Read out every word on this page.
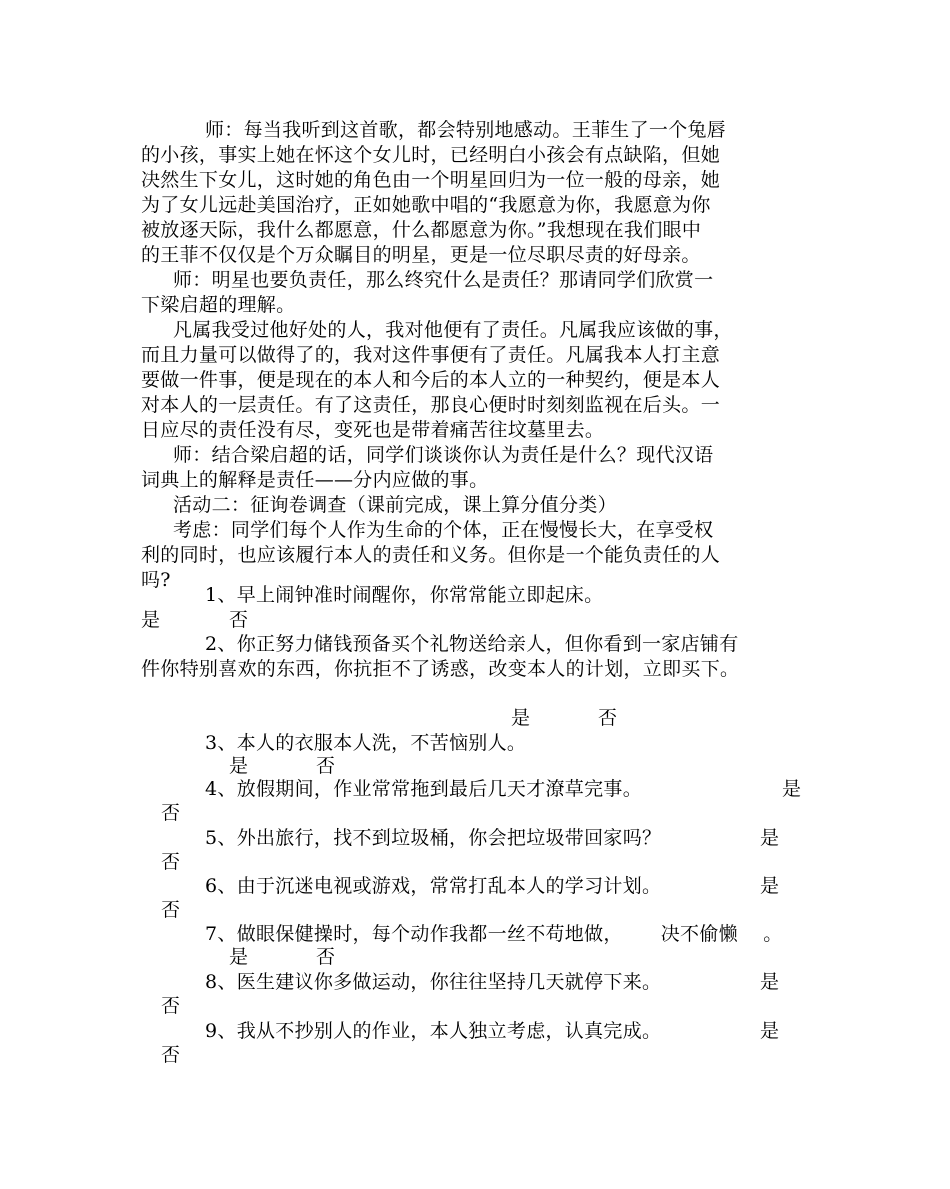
师：每当我听到这首歌，都会特别地感动。王菲生了一个兔唇
的小孩，事实上她在怀这个女儿时，已经明白小孩会有点缺陷，但她
决然生下女儿，这时她的角色由一个明星回归为一位一般的母亲，她
为了女儿远赴美国治疗，正如她歌中唱的“我愿意为你，我愿意为你
被放逐天际，我什么都愿意，什么都愿意为你。”我想现在我们眼中
的王菲不仅仅是个万众瞩目的明星，更是一位尽职尽责的好母亲。
师：明星也要负责任，那么终究什么是责任？那请同学们欣赏一
下梁启超的理解。
凡属我受过他好处的人，我对他便有了责任。凡属我应该做的事，
而且力量可以做得了的，我对这件事便有了责任。凡属我本人打主意
要做一件事，便是现在的本人和今后的本人立的一种契约，便是本人
对本人的一层责任。有了这责任，那良心便时时刻刻监视在后头。一
日应尽的责任没有尽，变死也是带着痛苦往坟墓里去。
师：结合梁启超的话，同学们谈谈你认为责任是什么？现代汉语
词典上的解释是责任——分内应做的事。
活动二：征询卷调查（课前完成，课上算分值分类）
考虑：同学们每个人作为生命的个体，正在慢慢长大，在享受权
利的同时，也应该履行本人的责任和义务。但你是一个能负责任的人
吗?
1、早上闹钟准时闹醒你，你常常能立即起床。
是	否
2、你正努力储钱预备买个礼物送给亲人，但你看到一家店铺有
件你特别喜欢的东西，你抗拒不了诱惑，改变本人的计划，立即买下。
是	否
3、本人的衣服本人洗，不苦恼别人。
是	否
4、放假期间，作业常常拖到最后几天才潦草完事。	是
否
5、外出旅行，找不到垃圾桶，你会把垃圾带回家吗？	是
否
6、由于沉迷电视或游戏，常常打乱本人的学习计划。	是
否
7、做眼保健操时，每个动作我都一丝不苟地做，      决不偷懒    。
是	否
8、医生建议你多做运动，你往往坚持几天就停下来。	是
否
9、我从不抄别人的作业，本人独立考虑，认真完成。	是
否
